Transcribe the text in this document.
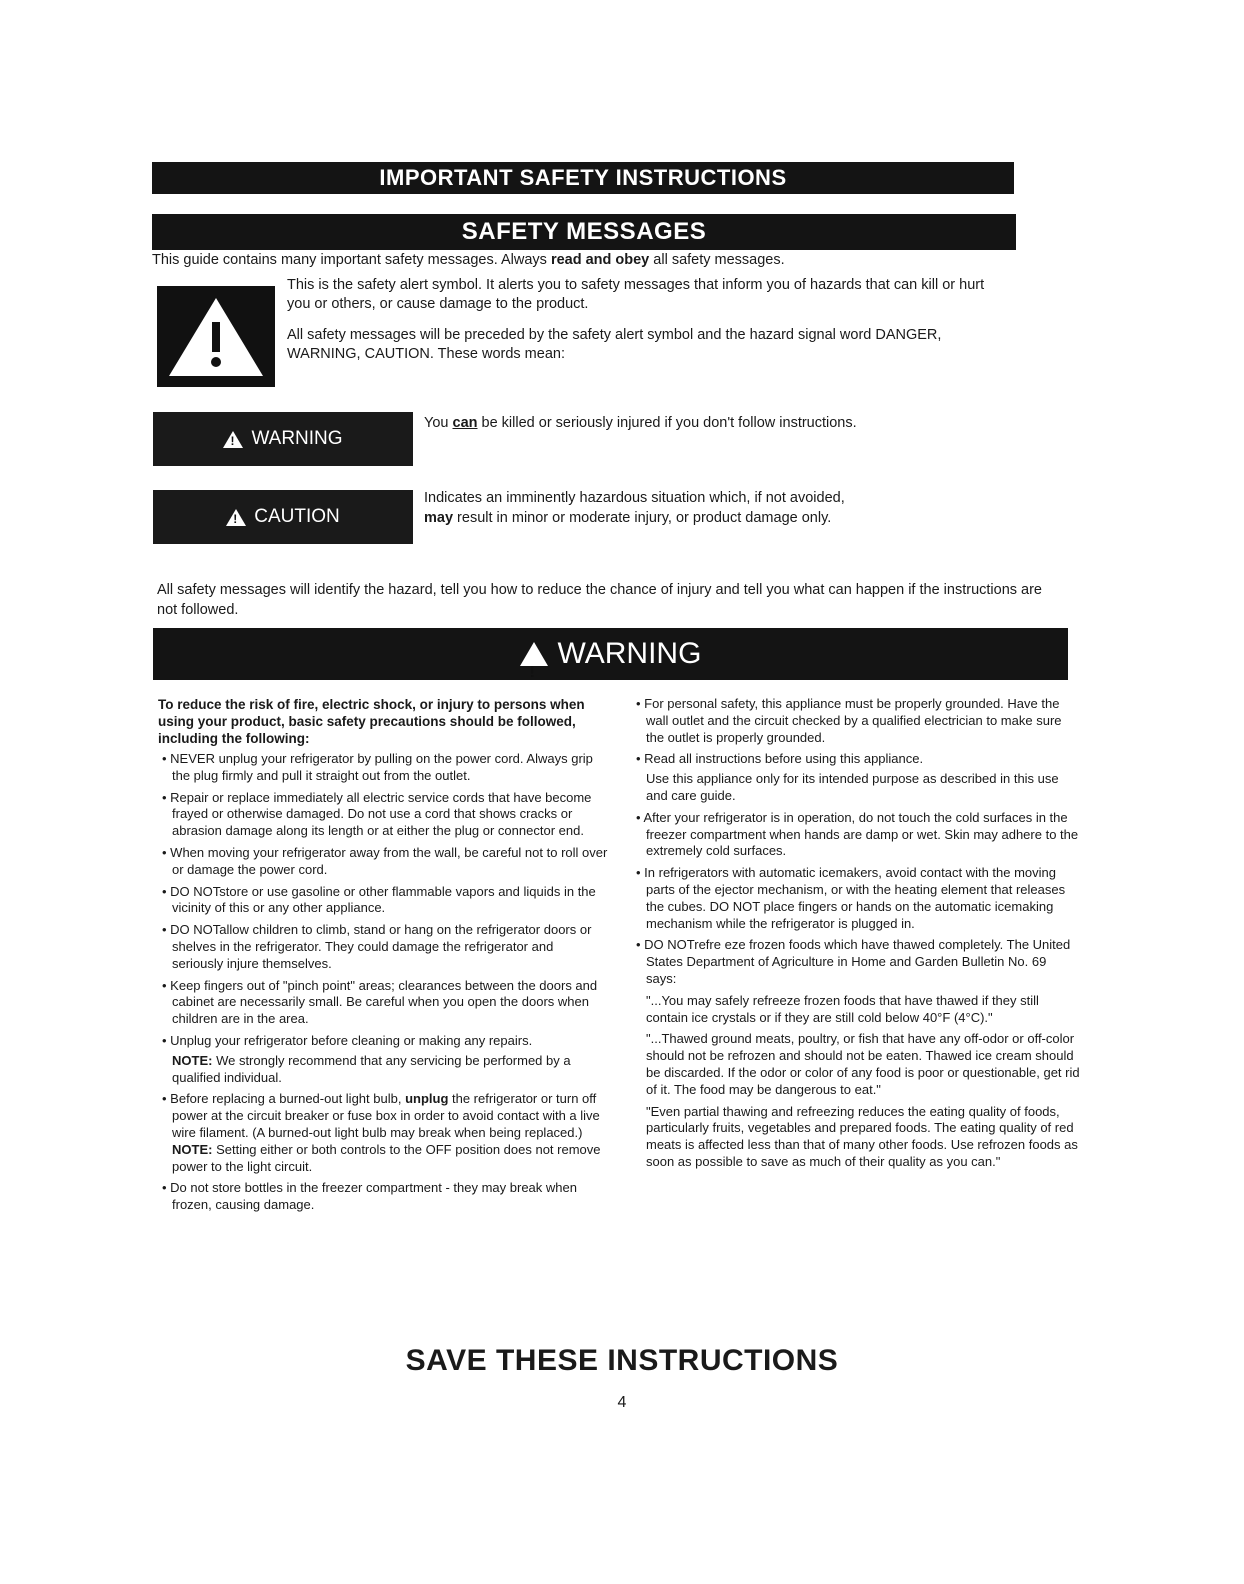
IMPORTANT SAFETY INSTRUCTIONS
SAFETY MESSAGES
This guide contains many important safety messages. Always read and obey all safety messages.
This is the safety alert symbol. It alerts you to safety messages that inform you of hazards that can kill or hurt you or others, or cause damage to the product.
All safety messages will be preceded by the safety alert symbol and the hazard signal word DANGER, WARNING, CAUTION. These words mean:
!
WARNING
You can be killed or seriously injured if you don't follow instructions.
!
CAUTION
Indicates an imminently hazardous situation which, if not avoided,
may result in minor or moderate injury, or product damage only.
All safety messages will identify the hazard, tell you how to reduce the chance of injury and tell you what can happen if the instructions are not followed.
!
WARNING
To reduce the risk of fire, electric shock, or injury to persons when using your product, basic safety precautions should be followed, including the following:
• NEVER unplug your refrigerator by pulling on the power cord. Always grip the plug firmly and pull it straight out from the outlet.
• Repair or replace immediately all electric service cords that have become frayed or otherwise damaged. Do not use a cord that shows cracks or abrasion damage along its length or at either the plug or connector end.
• When moving your refrigerator away from the wall, be careful not to roll over or damage the power cord.
• DO NOTstore or use gasoline or other flammable vapors and liquids in the vicinity of this or any other appliance.
• DO NOTallow children to climb, stand or hang on the refrigerator doors or shelves in the refrigerator. They could damage the refrigerator and seriously injure themselves.
• Keep fingers out of "pinch point" areas; clearances between the doors and cabinet are necessarily small. Be careful when you open the doors when children are in the area.
• Unplug your refrigerator before cleaning or making any repairs.
NOTE: We strongly recommend that any servicing be performed by a qualified individual.
• Before replacing a burned-out light bulb, unplug the refrigerator or turn off power at the circuit breaker or fuse box in order to avoid contact with a live wire filament. (A burned-out light bulb may break when being replaced.) NOTE: Setting either or both controls to the OFF position does not remove power to the light circuit.
• Do not store bottles in the freezer compartment - they may break when frozen, causing damage.
• For personal safety, this appliance must be properly grounded. Have the wall outlet and the circuit checked by a qualified electrician to make sure the outlet is properly grounded.
• Read all instructions before using this appliance.
Use this appliance only for its intended purpose as described in this use and care guide.
• After your refrigerator is in operation, do not touch the cold surfaces in the freezer compartment when hands are damp or wet. Skin may adhere to the extremely cold surfaces.
• In refrigerators with automatic icemakers, avoid contact with the moving parts of the ejector mechanism, or with the heating element that releases the cubes. DO NOT place fingers or hands on the automatic icemaking mechanism while the refrigerator is plugged in.
• DO NOTrefre eze frozen foods which have thawed completely. The United States Department of Agriculture in Home and Garden Bulletin No. 69 says:
"...You may safely refreeze frozen foods that have thawed if they still contain ice crystals or if they are still cold below 40°F (4°C)."
"...Thawed ground meats, poultry, or fish that have any off-odor or off-color should not be refrozen and should not be eaten. Thawed ice cream should be discarded. If the odor or color of any food is poor or questionable, get rid of it. The food may be dangerous to eat."
"Even partial thawing and refreezing reduces the eating quality of foods, particularly fruits, vegetables and prepared foods. The eating quality of red meats is affected less than that of many other foods. Use refrozen foods as soon as possible to save as much of their quality as you can."
SAVE THESE INSTRUCTIONS
4
